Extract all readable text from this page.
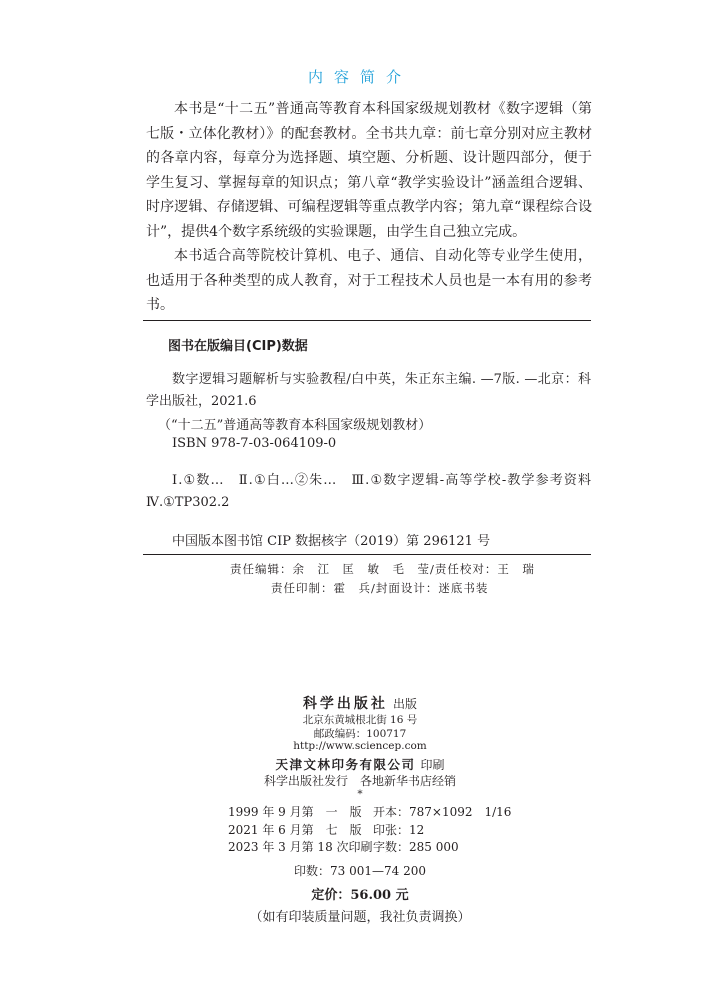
内容简介

本书是“十二五”普通高等教育本科国家级规划教材《数字逻辑（第七版・立体化教材）》的配套教材。全书共九章：前七章分别对应主教材的各章内容，每章分为选择题、填空题、分析题、设计题四部分，便于学生复习、掌握每章的知识点；第八章“教学实验设计”涵盖组合逻辑、时序逻辑、存储逻辑、可编程逻辑等重点教学内容；第九章“课程综合设计”，提供4个数字系统级的实验课题，由学生自己独立完成。

本书适合高等院校计算机、电子、通信、自动化等专业学生使用，也适用于各种类型的成人教育，对于工程技术人员也是一本有用的参考书。

图书在版编目(CIP)数据
数字逻辑习题解析与实验教程/白中英，朱正东主编. —7版. —北京：科学出版社，2021.6
（“十二五”普通高等教育本科国家级规划教材）
ISBN 978-7-03-064109-0
Ⅰ.①数…　Ⅱ.①白…②朱…　Ⅲ.①数字逻辑-高等学校-教学参考资料　Ⅳ.①TP302.2
中国版本图书馆 CIP 数据核字（2019）第 296121 号
责任编辑：余　江　匡　敏　毛　莹/责任校对：王　瑞
责任印制：霍　兵/封面设计：迷底书装
科学出版社 出版
北京东黄城根北街 16 号
邮政编码：100717
http://www.sciencep.com
天津文林印务有限公司 印刷
科学出版社发行　各地新华书店经销
*
1999 年 9 月第　一　版 开本：787×1092　1/16
2021 年 6 月第　七　版 印张：12
2023 年 3 月第 18 次印刷字数：285 000
印数：73 001—74 200
定价：56.00 元
（如有印装质量问题，我社负责调换）
